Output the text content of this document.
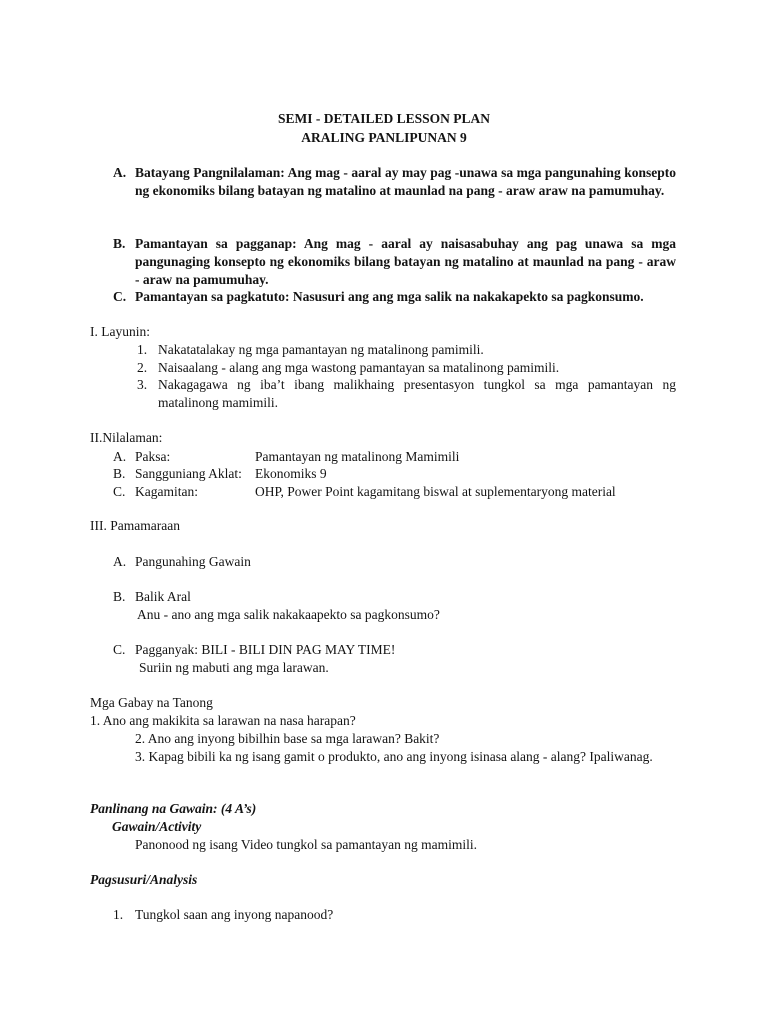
SEMI - DETAILED LESSON PLAN
ARALING PANLIPUNAN 9
A. Batayang Pangnilalaman: Ang mag - aaral ay may pag -unawa sa mga pangunahing konsepto ng ekonomiks bilang batayan ng matalino at maunlad na pang - araw araw na pamumuhay.
B. Pamantayan sa pagganap: Ang mag - aaral ay naisasabuhay ang pag unawa sa mga pangunaging konsepto ng ekonomiks bilang batayan ng matalino at maunlad na pang - araw - araw na pamumuhay.
C. Pamantayan sa pagkatuto: Nasusuri ang ang mga salik na nakakapekto sa pagkonsumo.
I. Layunin:
1. Nakatatalakay ng mga pamantayan ng matalinong pamimili.
2. Naisaalang - alang ang mga wastong pamantayan sa matalinong pamimili.
3. Nakagagawa ng iba’t ibang malikhaing presentasyon tungkol sa mga pamantayan ng matalinong mamimili.
II.Nilalaman:
A. Paksa:	Pamantayan ng matalinong Mamimili
B. Sangguniang Aklat: Ekonomiks 9
C. Kagamitan:	OHP, Power Point kagamitang biswal at suplementaryong material
III. Pamamaraan
A. Pangunahing Gawain
B. Balik Aral
Anu - ano ang mga salik nakakaapekto sa pagkonsumo?
C. Pagganyak: BILI - BILI DIN PAG MAY TIME!
Suriin ng mabuti ang mga larawan.
Mga Gabay na Tanong
1. Ano ang makikita sa larawan na nasa harapan?
2. Ano ang inyong bibilhin base sa mga larawan? Bakit?
3. Kapag bibili ka ng isang gamit o produkto, ano ang inyong isinasa alang - alang? Ipaliwanag.
Panlinang na Gawain: (4 A’s)
Gawain/Activity
Panonood ng isang Video tungkol sa pamantayan ng mamimili.
Pagsusuri/Analysis
1. Tungkol saan ang inyong napanood?
